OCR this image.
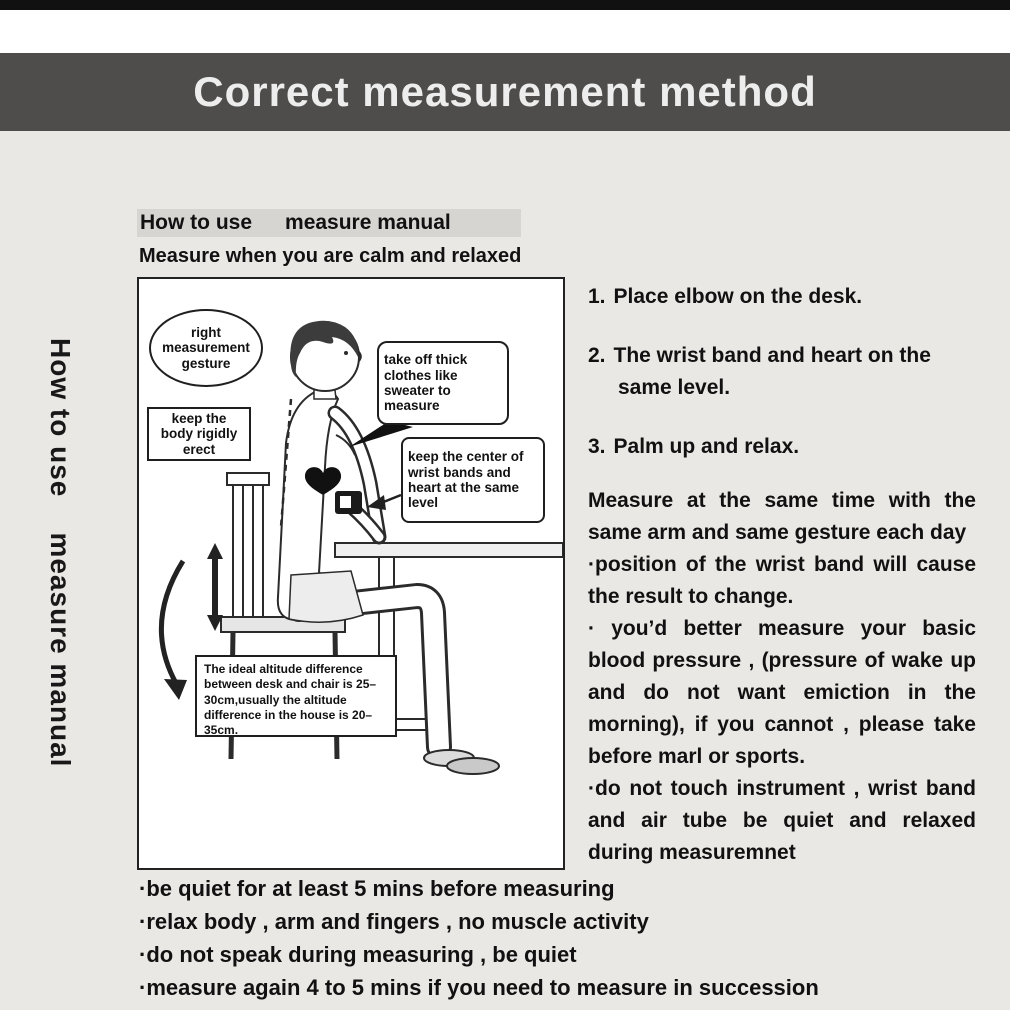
Correct measurement method
How to use    measure manual
How to use measure manual
Measure when you are calm and relaxed
right measurement gesture
keep the body rigidly erect
take off thick clothes like sweater to measure
keep the center of wrist bands and heart at the same level
The ideal altitude difference between desk and chair is 25–30cm,usually the altitude difference in the house is 20–35cm.
1. Place elbow on the desk.
2. The wrist band and heart on the same level.
3. Palm up and relax.

Measure at the same time with the same arm and same gesture each day

·position of the wrist band will cause the result to change.

· you’d better measure your basic blood pressure , (pressure of wake up and do not want emiction in the morning), if you cannot , please take before marl or sports.

·do not touch instrument , wrist band and air tube be quiet and relaxed during measuremnet

·be quiet for at least 5 mins before measuring
·relax body , arm and fingers , no muscle activity
·do not speak during measuring , be quiet
·measure again 4 to 5 mins if you need to measure in succession
